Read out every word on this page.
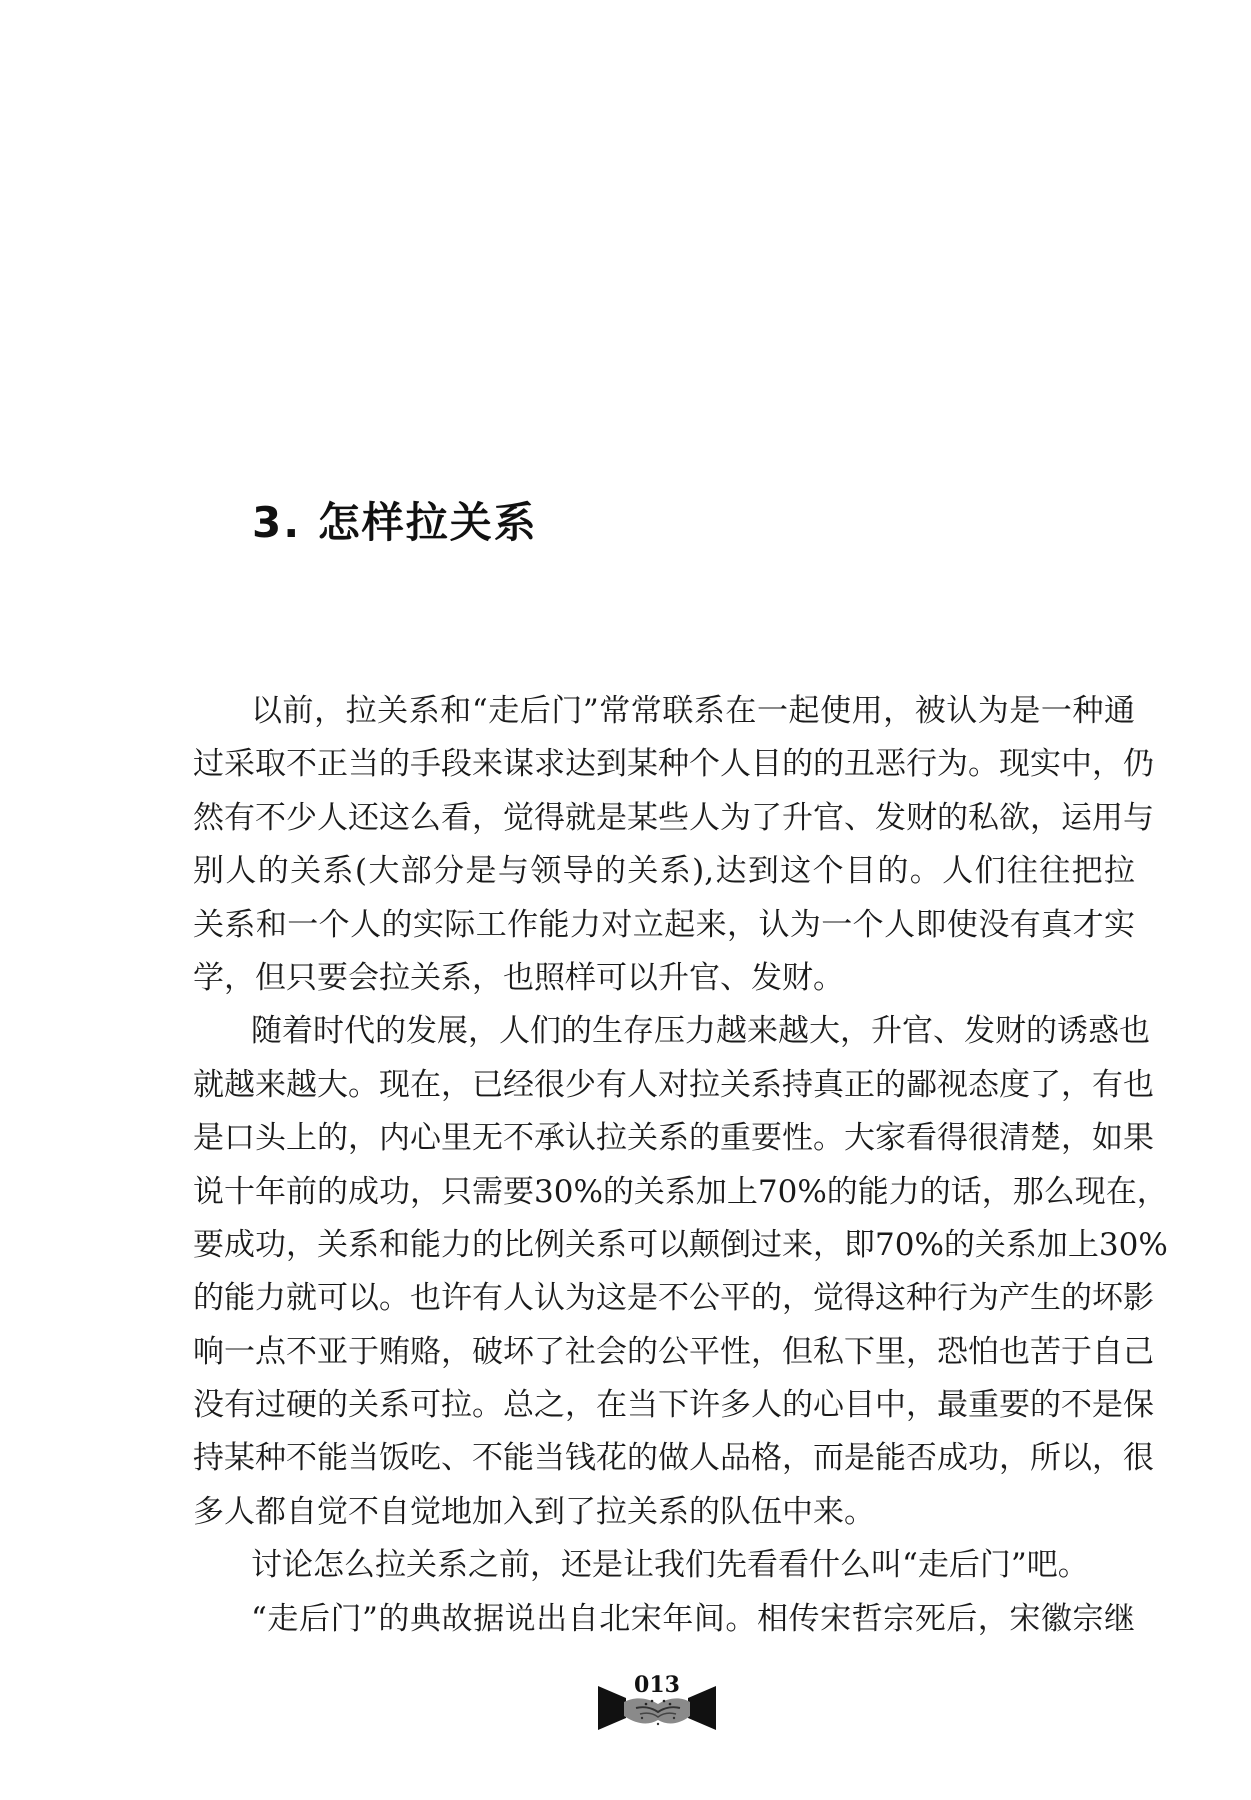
3. 怎样拉关系
以前，拉关系和“走后门”常常联系在一起使用，被认为是一种通
过采取不正当的手段来谋求达到某种个人目的的丑恶行为。现实中，仍
然有不少人还这么看，觉得就是某些人为了升官、发财的私欲，运用与
别人的关系(大部分是与领导的关系),达到这个目的。人们往往把拉
关系和一个人的实际工作能力对立起来，认为一个人即使没有真才实
学，但只要会拉关系，也照样可以升官、发财。
随着时代的发展，人们的生存压力越来越大，升官、发财的诱惑也
就越来越大。现在，已经很少有人对拉关系持真正的鄙视态度了，有也
是口头上的，内心里无不承认拉关系的重要性。大家看得很清楚，如果
说十年前的成功，只需要30%的关系加上70%的能力的话，那么现在，
要成功，关系和能力的比例关系可以颠倒过来，即70%的关系加上30%
的能力就可以。也许有人认为这是不公平的，觉得这种行为产生的坏影
响一点不亚于贿赂，破坏了社会的公平性，但私下里，恐怕也苦于自己
没有过硬的关系可拉。总之，在当下许多人的心目中，最重要的不是保
持某种不能当饭吃、不能当钱花的做人品格，而是能否成功，所以，很
多人都自觉不自觉地加入到了拉关系的队伍中来。
讨论怎么拉关系之前，还是让我们先看看什么叫“走后门”吧。
“走后门”的典故据说出自北宋年间。相传宋哲宗死后，宋徽宗继
013
